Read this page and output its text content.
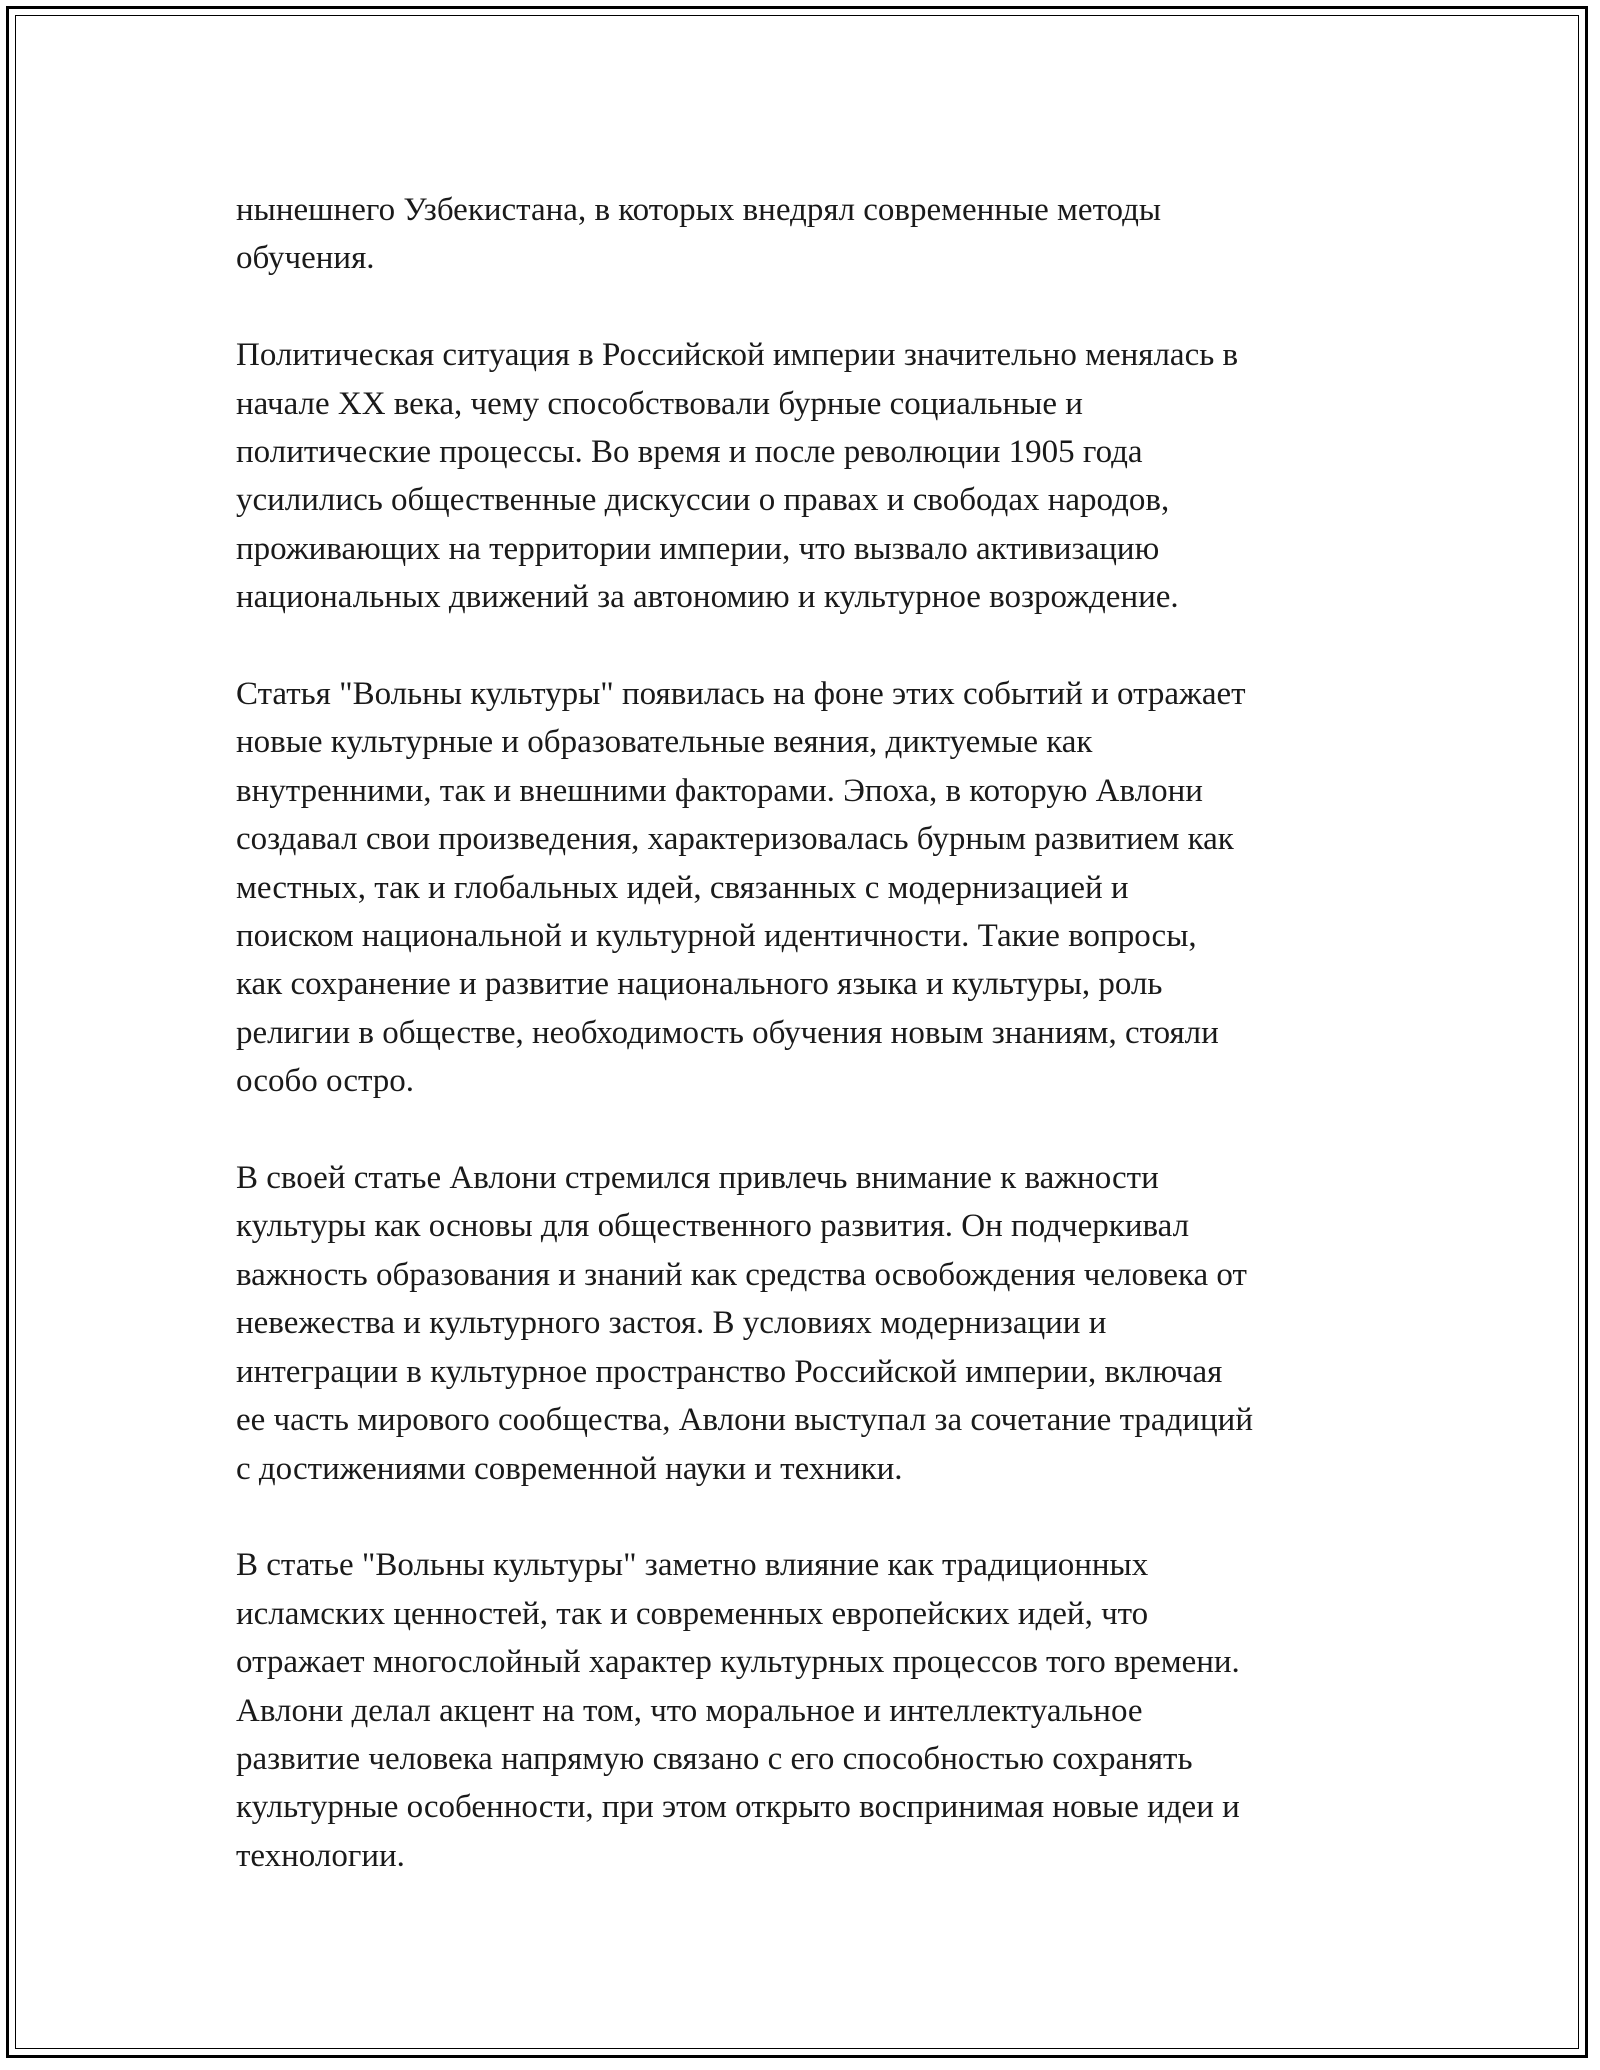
нынешнего Узбекистана, в которых внедрял современные методы
обучения.

Политическая ситуация в Российской империи значительно менялась в
начале XX века, чему способствовали бурные социальные и
политические процессы. Во время и после революции 1905 года
усилились общественные дискуссии о правах и свободах народов,
проживающих на территории империи, что вызвало активизацию
национальных движений за автономию и культурное возрождение.

Статья "Вольны культуры" появилась на фоне этих событий и отражает
новые культурные и образовательные веяния, диктуемые как
внутренними, так и внешними факторами. Эпоха, в которую Авлони
создавал свои произведения, характеризовалась бурным развитием как
местных, так и глобальных идей, связанных с модернизацией и
поиском национальной и культурной идентичности. Такие вопросы,
как сохранение и развитие национального языка и культуры, роль
религии в обществе, необходимость обучения новым знаниям, стояли
особо остро.

В своей статье Авлони стремился привлечь внимание к важности
культуры как основы для общественного развития. Он подчеркивал
важность образования и знаний как средства освобождения человека от
невежества и культурного застоя. В условиях модернизации и
интеграции в культурное пространство Российской империи, включая
ее часть мирового сообщества, Авлони выступал за сочетание традиций
с достижениями современной науки и техники.

В статье "Вольны культуры" заметно влияние как традиционных
исламских ценностей, так и современных европейских идей, что
отражает многослойный характер культурных процессов того времени.
Авлони делал акцент на том, что моральное и интеллектуальное
развитие человека напрямую связано с его способностью сохранять
культурные особенности, при этом открыто воспринимая новые идеи и
технологии.
